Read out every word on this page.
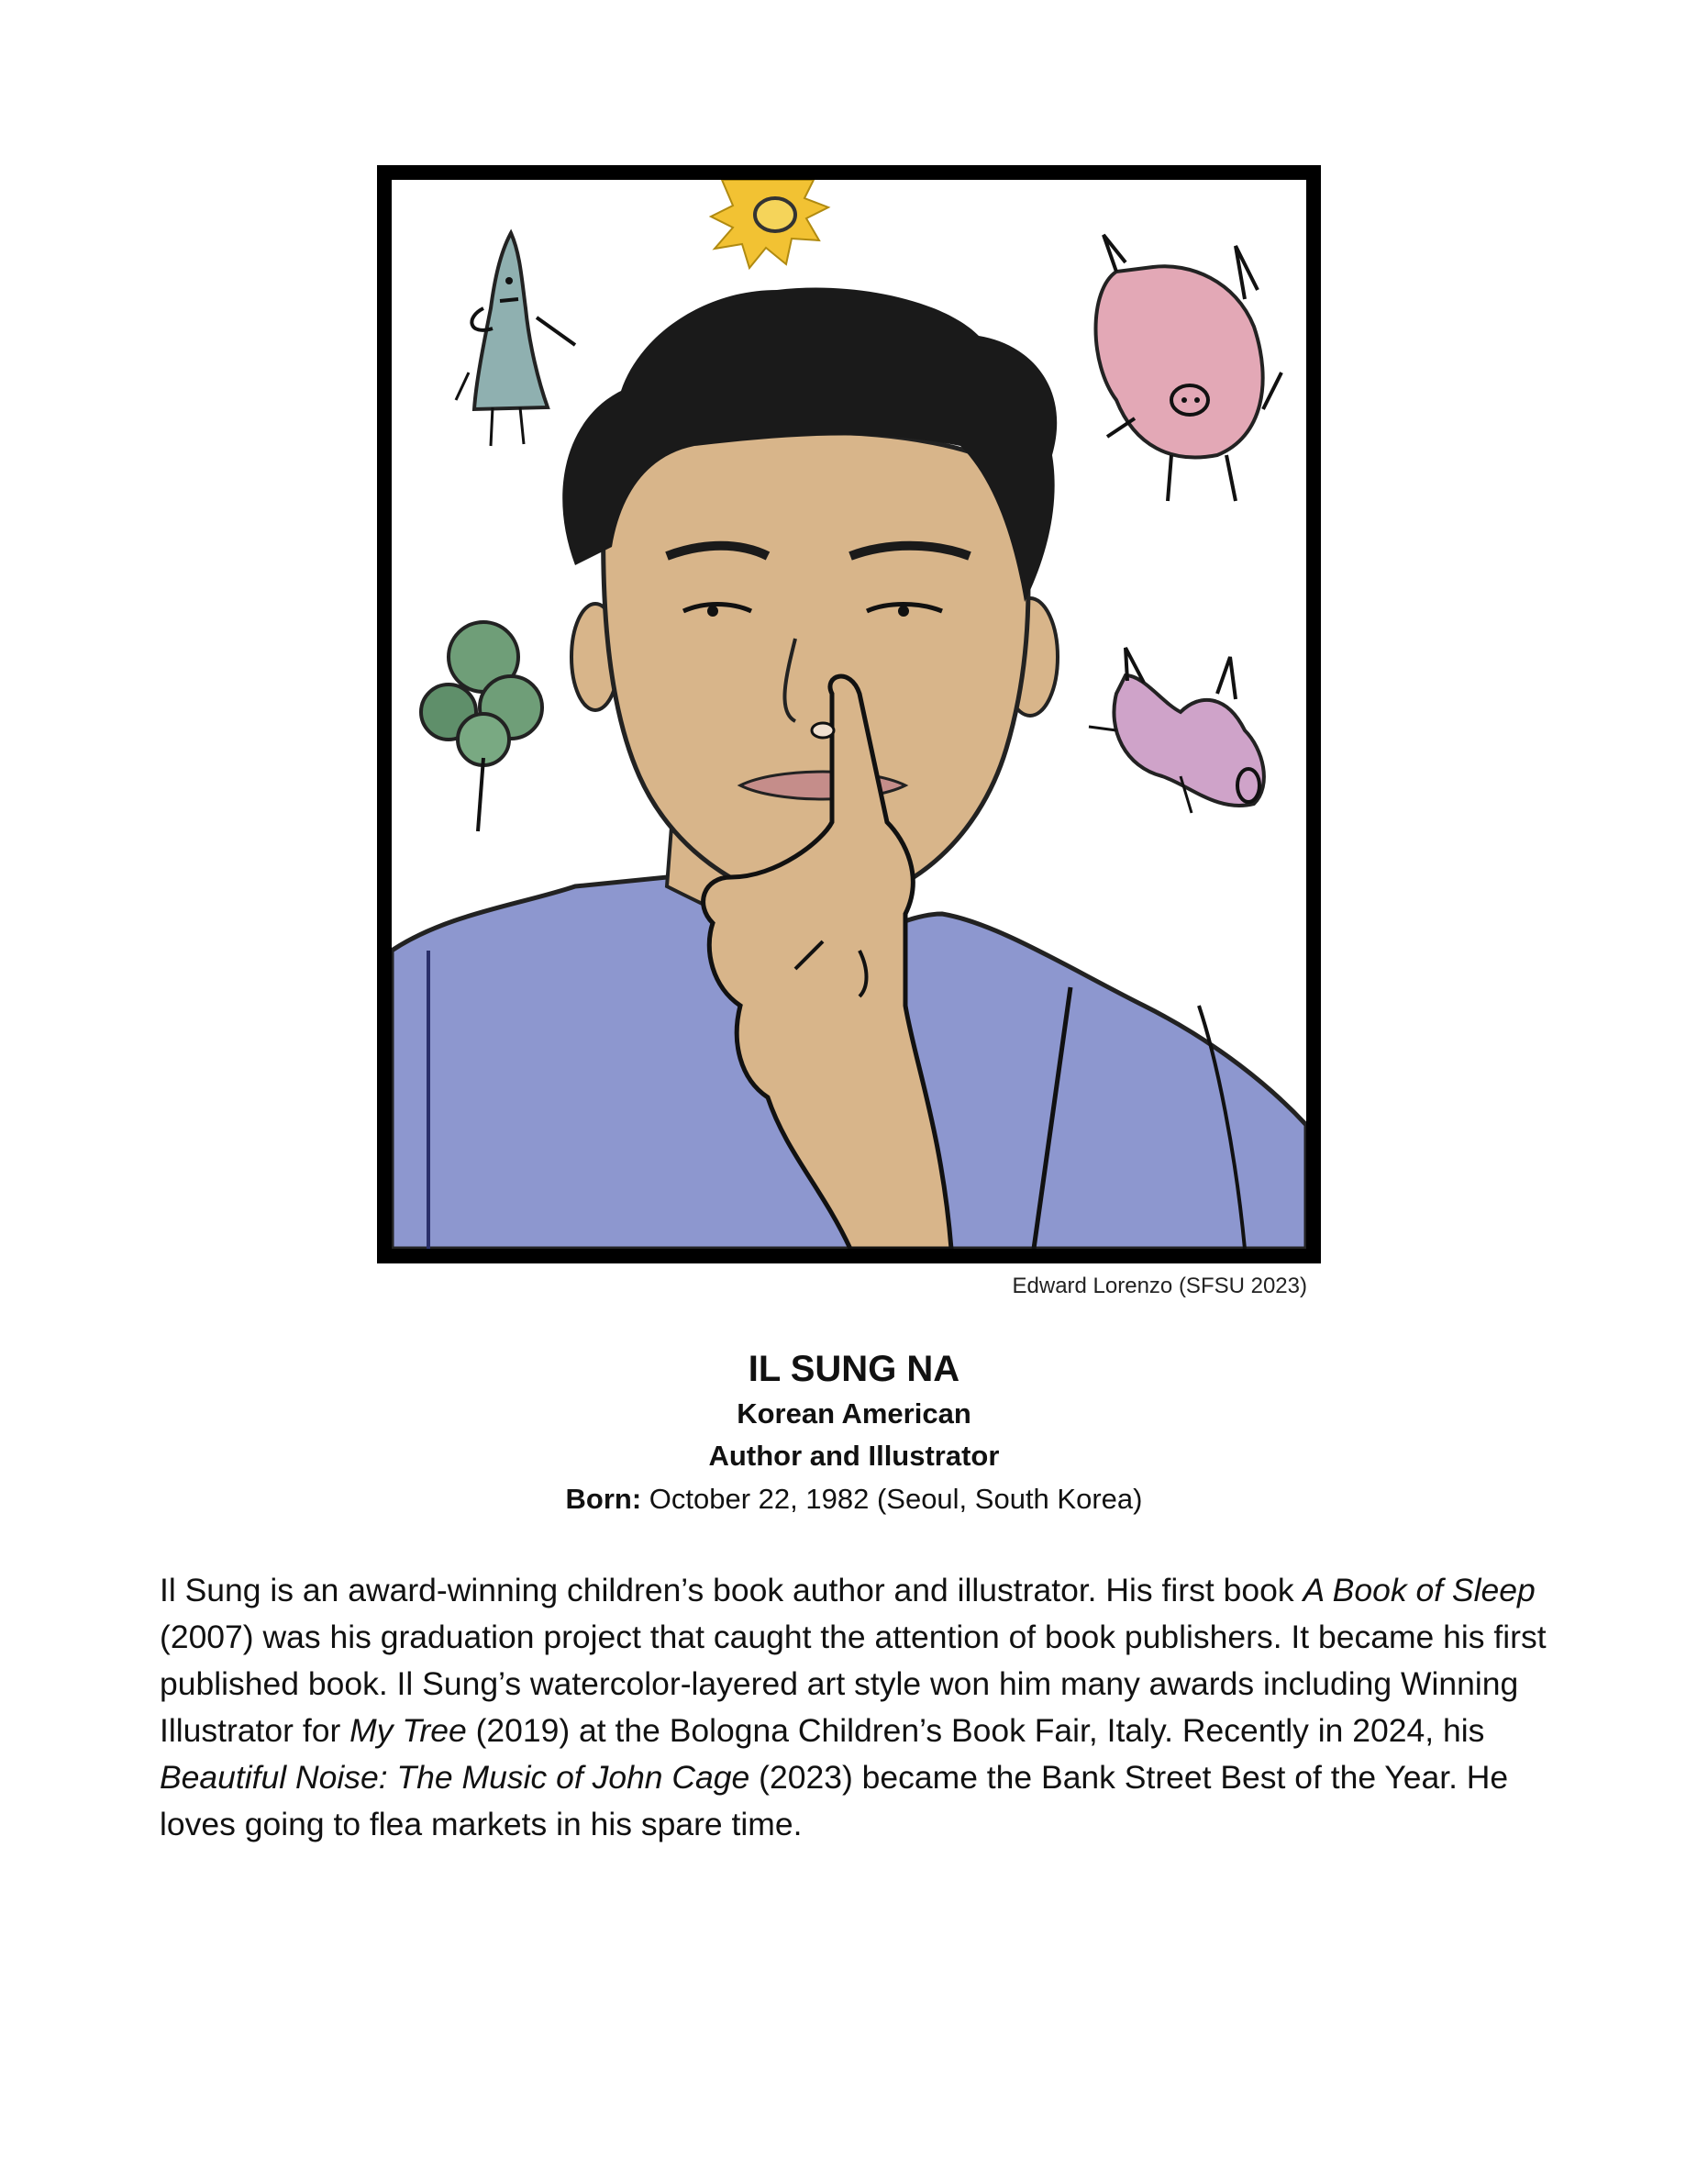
Edward Lorenzo (SFSU 2023)

IL SUNG NA

Korean American

Author and Illustrator

Born: October 22, 1982 (Seoul, South Korea)

Il Sung is an award-winning children’s book author and illustrator. His first book A Book of Sleep (2007) was his graduation project that caught the attention of book publishers. It became his first published book. Il Sung’s watercolor-layered art style won him many awards including Winning Illustrator for My Tree (2019) at the Bologna Children’s Book Fair, Italy. Recently in 2024, his Beautiful Noise: The Music of John Cage (2023) became the Bank Street Best of the Year. He loves going to flea markets in his spare time.
